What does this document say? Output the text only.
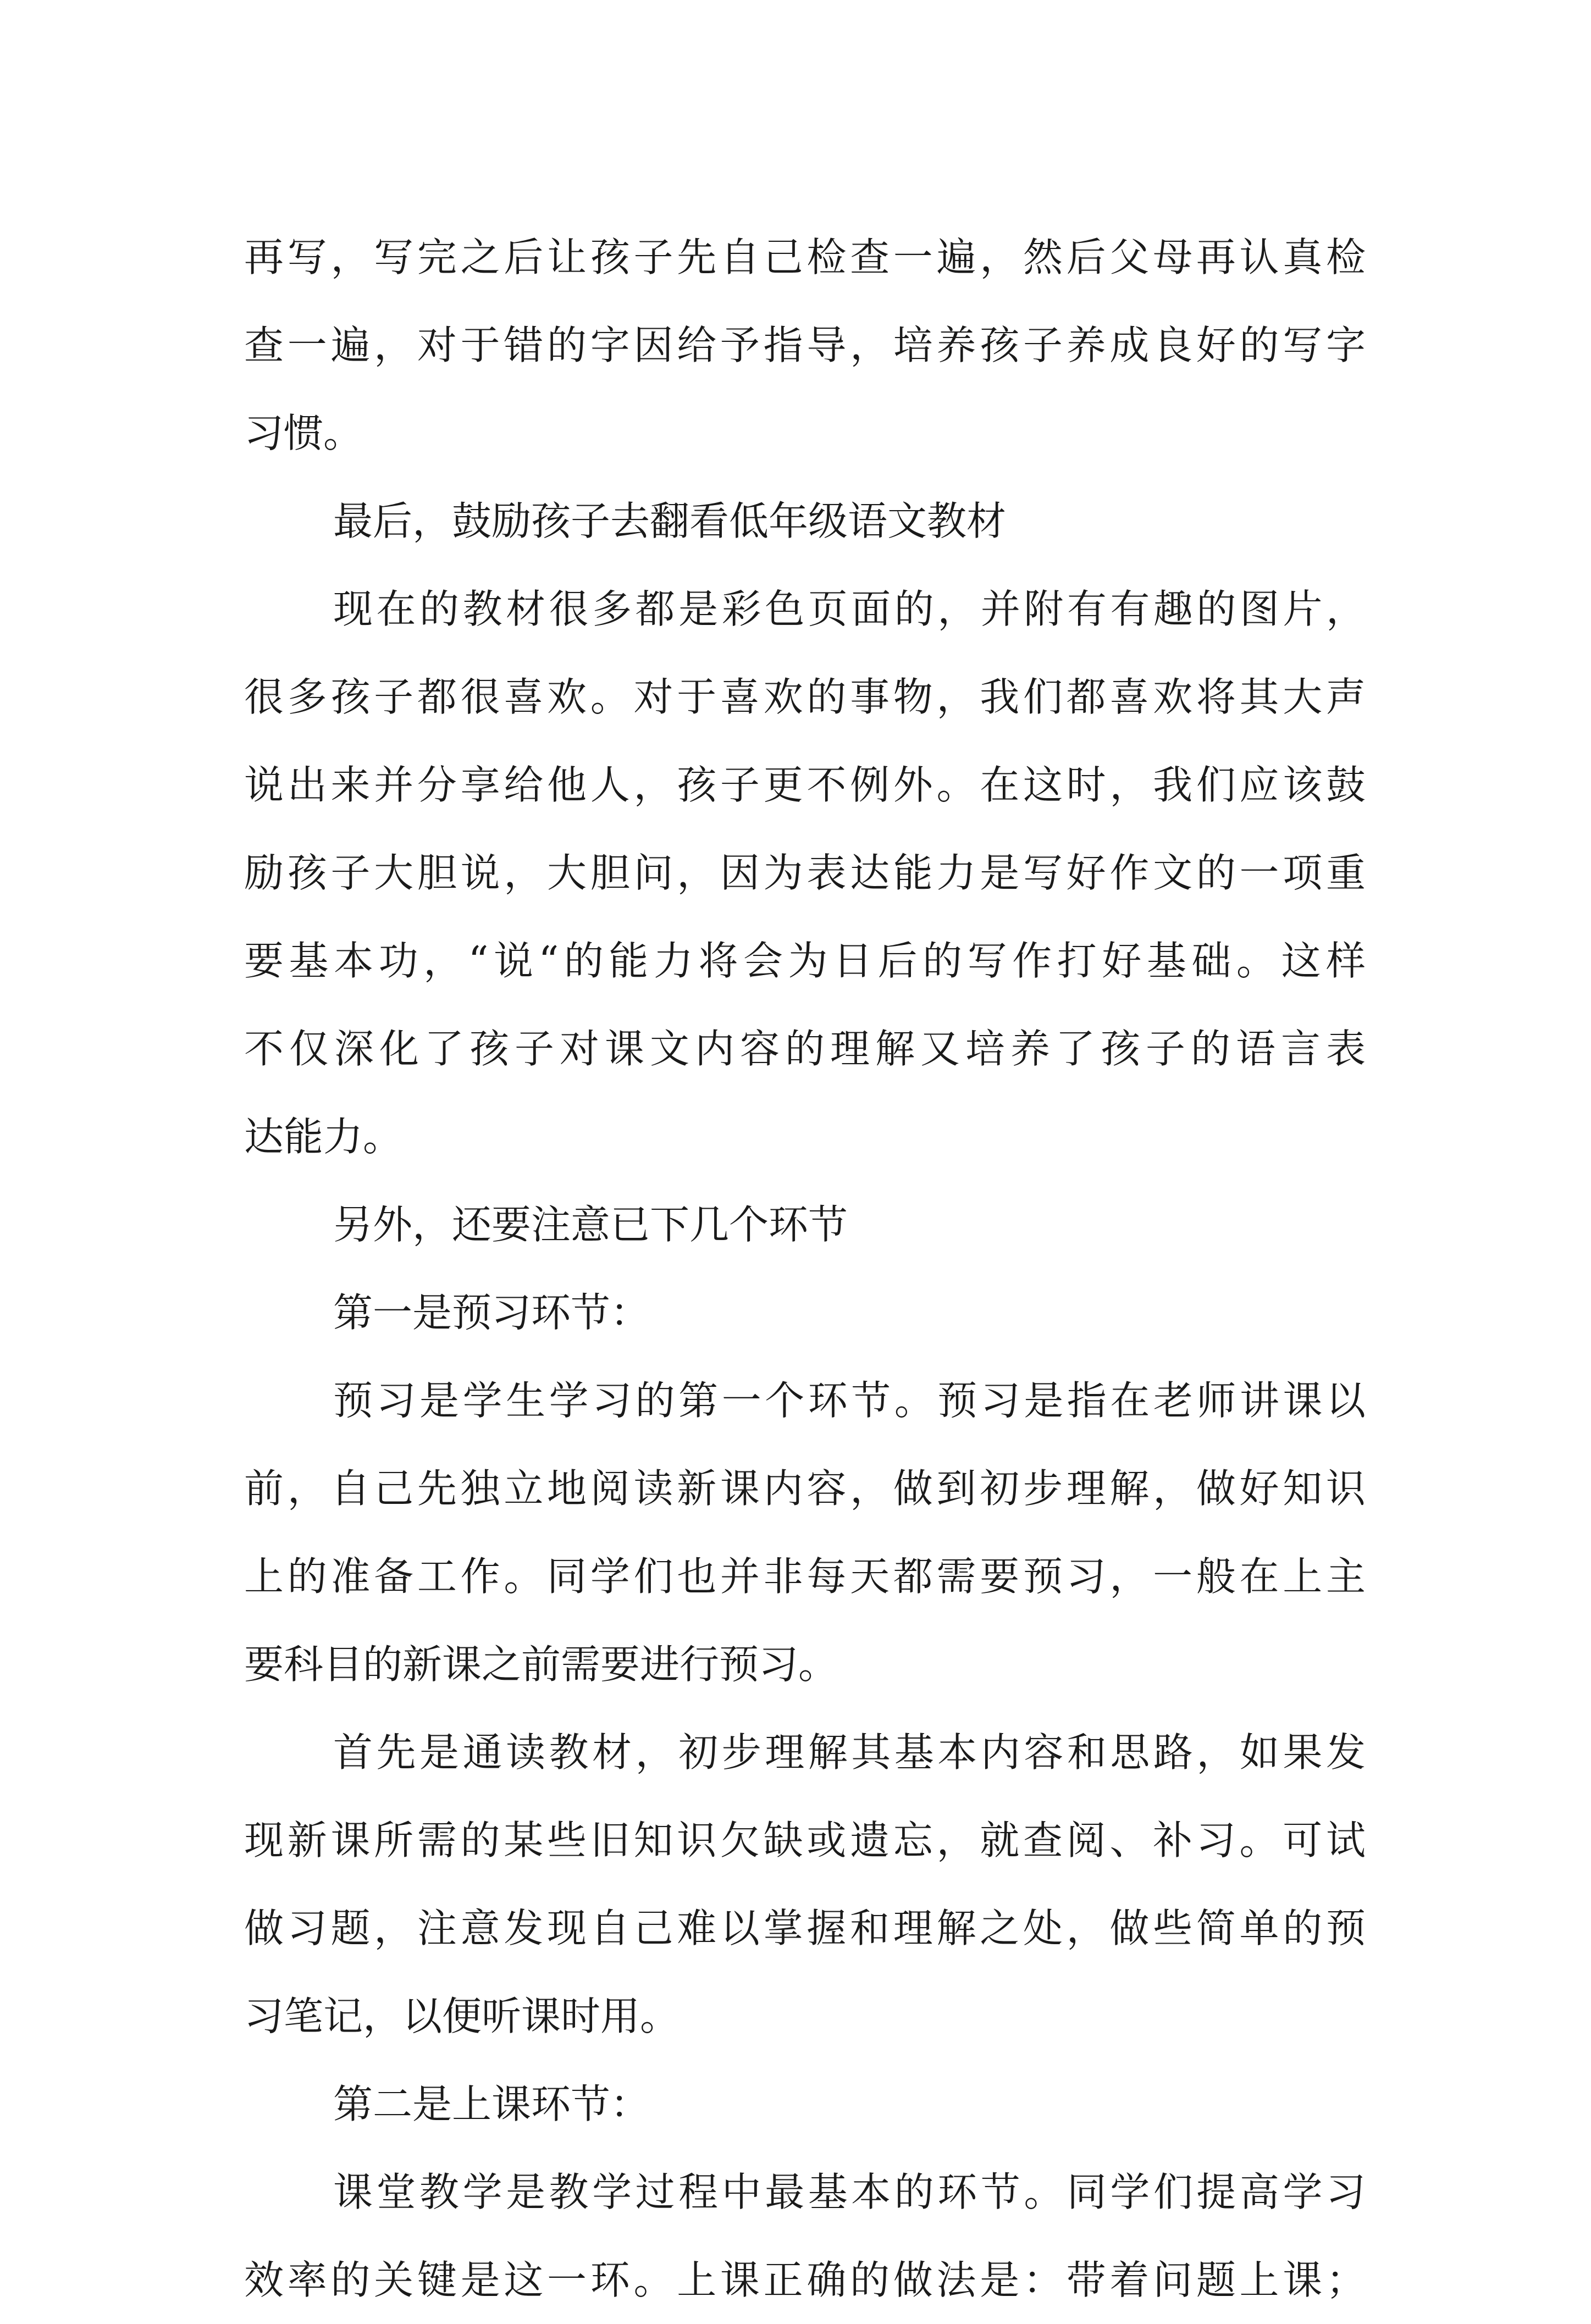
再写，写完之后让孩子先自己检查一遍，然后父母再认真检
查一遍，对于错的字因给予指导，培养孩子养成良好的写字
习惯。
最后，鼓励孩子去翻看低年级语文教材
现在的教材很多都是彩色页面的，并附有有趣的图片，
很多孩子都很喜欢。对于喜欢的事物，我们都喜欢将其大声
说出来并分享给他人，孩子更不例外。在这时，我们应该鼓
励孩子大胆说，大胆问，因为表达能力是写好作文的一项重
要基本功，“说“的能力将会为日后的写作打好基础。这样
不仅深化了孩子对课文内容的理解又培养了孩子的语言表
达能力。
另外，还要注意已下几个环节
第一是预习环节：
预习是学生学习的第一个环节。预习是指在老师讲课以
前，自己先独立地阅读新课内容，做到初步理解，做好知识
上的准备工作。同学们也并非每天都需要预习，一般在上主
要科目的新课之前需要进行预习。
首先是通读教材，初步理解其基本内容和思路，如果发
现新课所需的某些旧知识欠缺或遗忘，就查阅、补习。可试
做习题，注意发现自己难以掌握和理解之处，做些简单的预
习笔记，以便听课时用。
第二是上课环节：
课堂教学是教学过程中最基本的环节。同学们提高学习
效率的关键是这一环。上课正确的做法是：带着问题上课；
